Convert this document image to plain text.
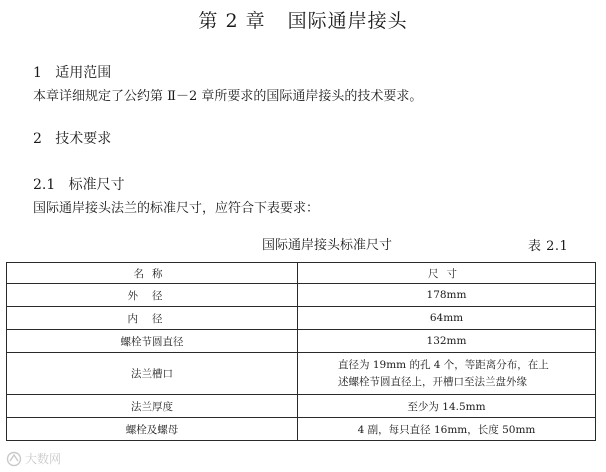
第 2 章 国际通岸接头
1 适用范围
本章详细规定了公约第 Ⅱ－2 章所要求的国际通岸接头的技术要求。
2 技术要求
2.1 标准尺寸
国际通岸接头法兰的标准尺寸，应符合下表要求：
国际通岸接头标准尺寸	表 2.1
名称	尺寸
外径	178mm
内径	64mm
螺栓节圆直径	132mm
法兰槽口	直径为 19mm 的孔 4 个，等距离分布，在上述螺栓节圆直径上，开槽口至法兰盘外缘
法兰厚度	至少为 14.5mm
螺栓及螺母	4 副，每只直径 16mm，长度 50mm
大数网
